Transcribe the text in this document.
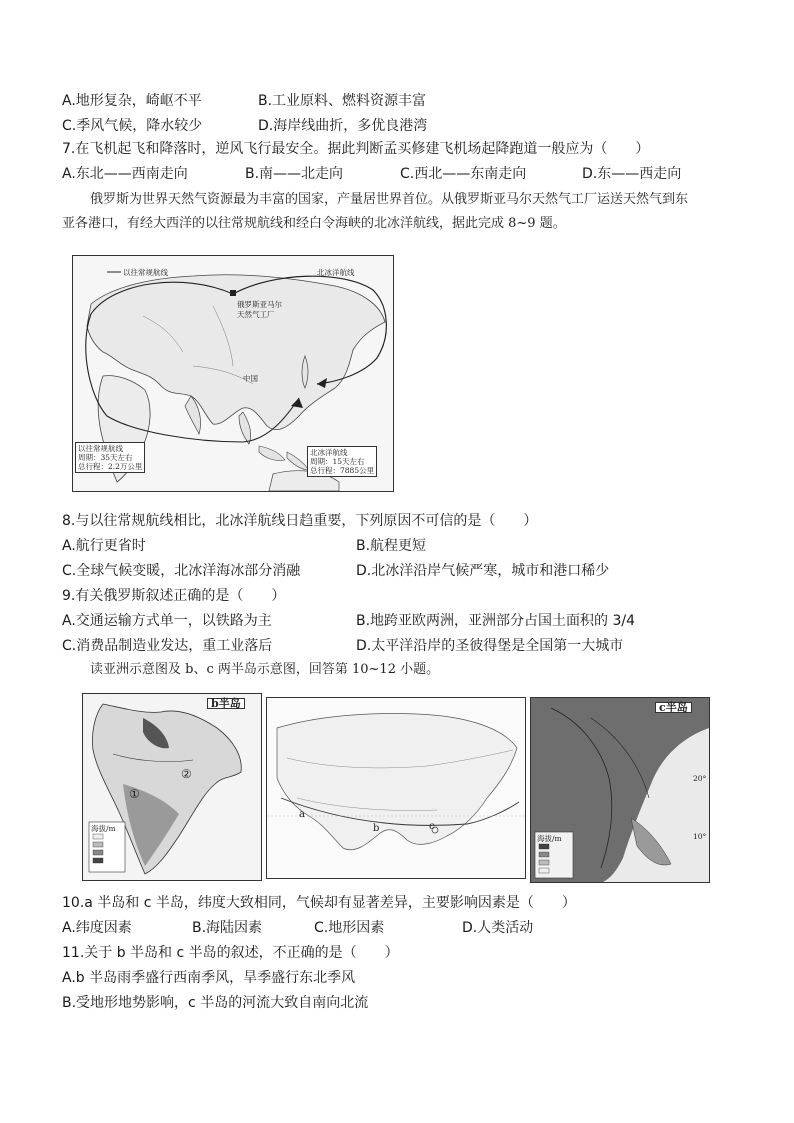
A.地形复杂，崎岖不平	B.工业原料、燃料资源丰富
C.季风气候，降水较少	D.海岸线曲折，多优良港湾
7.在飞机起飞和降落时，逆风飞行最安全。据此判断孟买修建飞机场起降跑道一般应为（　　）
A.东北——西南走向	B.南——北走向	C.西北——东南走向	D.东——西走向
俄罗斯为世界天然气资源最为丰富的国家，产量居世界首位。从俄罗斯亚马尔天然气工厂运送天然气到东
亚各港口，有经大西洋的以往常规航线和经白令海峡的北冰洋航线，据此完成 8~9 题。
以往常规航线	北冰洋航线
俄罗斯亚马尔
天然气工厂
中国
以往常规航线
周期：35天左右
总行程：2.2万公里
北冰洋航线
周期：15天左右
总行程：7885公里
8.与以往常规航线相比，北冰洋航线日趋重要，下列原因不可信的是（　　）
A.航行更省时	B.航程更短
C.全球气候变暖，北冰洋海冰部分消融	D.北冰洋沿岸气候严寒，城市和港口稀少
9.有关俄罗斯叙述正确的是（　　）
A.交通运输方式单一，以铁路为主	B.地跨亚欧两洲，亚洲部分占国土面积的 3/4
C.消费品制造业发达，重工业落后	D.太平洋沿岸的圣彼得堡是全国第一大城市
读亚洲示意图及 b、c 两半岛示意图，回答第 10~12 小题。
b半岛
海拔/m
①
②
a
b	c
c半岛
海拔/m
20°
10°
10.a 半岛和 c 半岛，纬度大致相同，气候却有显著差异，主要影响因素是（　　）
A.纬度因素	B.海陆因素	C.地形因素	D.人类活动
11.关于 b 半岛和 c 半岛的叙述，不正确的是（　　）
A.b 半岛雨季盛行西南季风，旱季盛行东北季风
B.受地形地势影响，c 半岛的河流大致自南向北流
